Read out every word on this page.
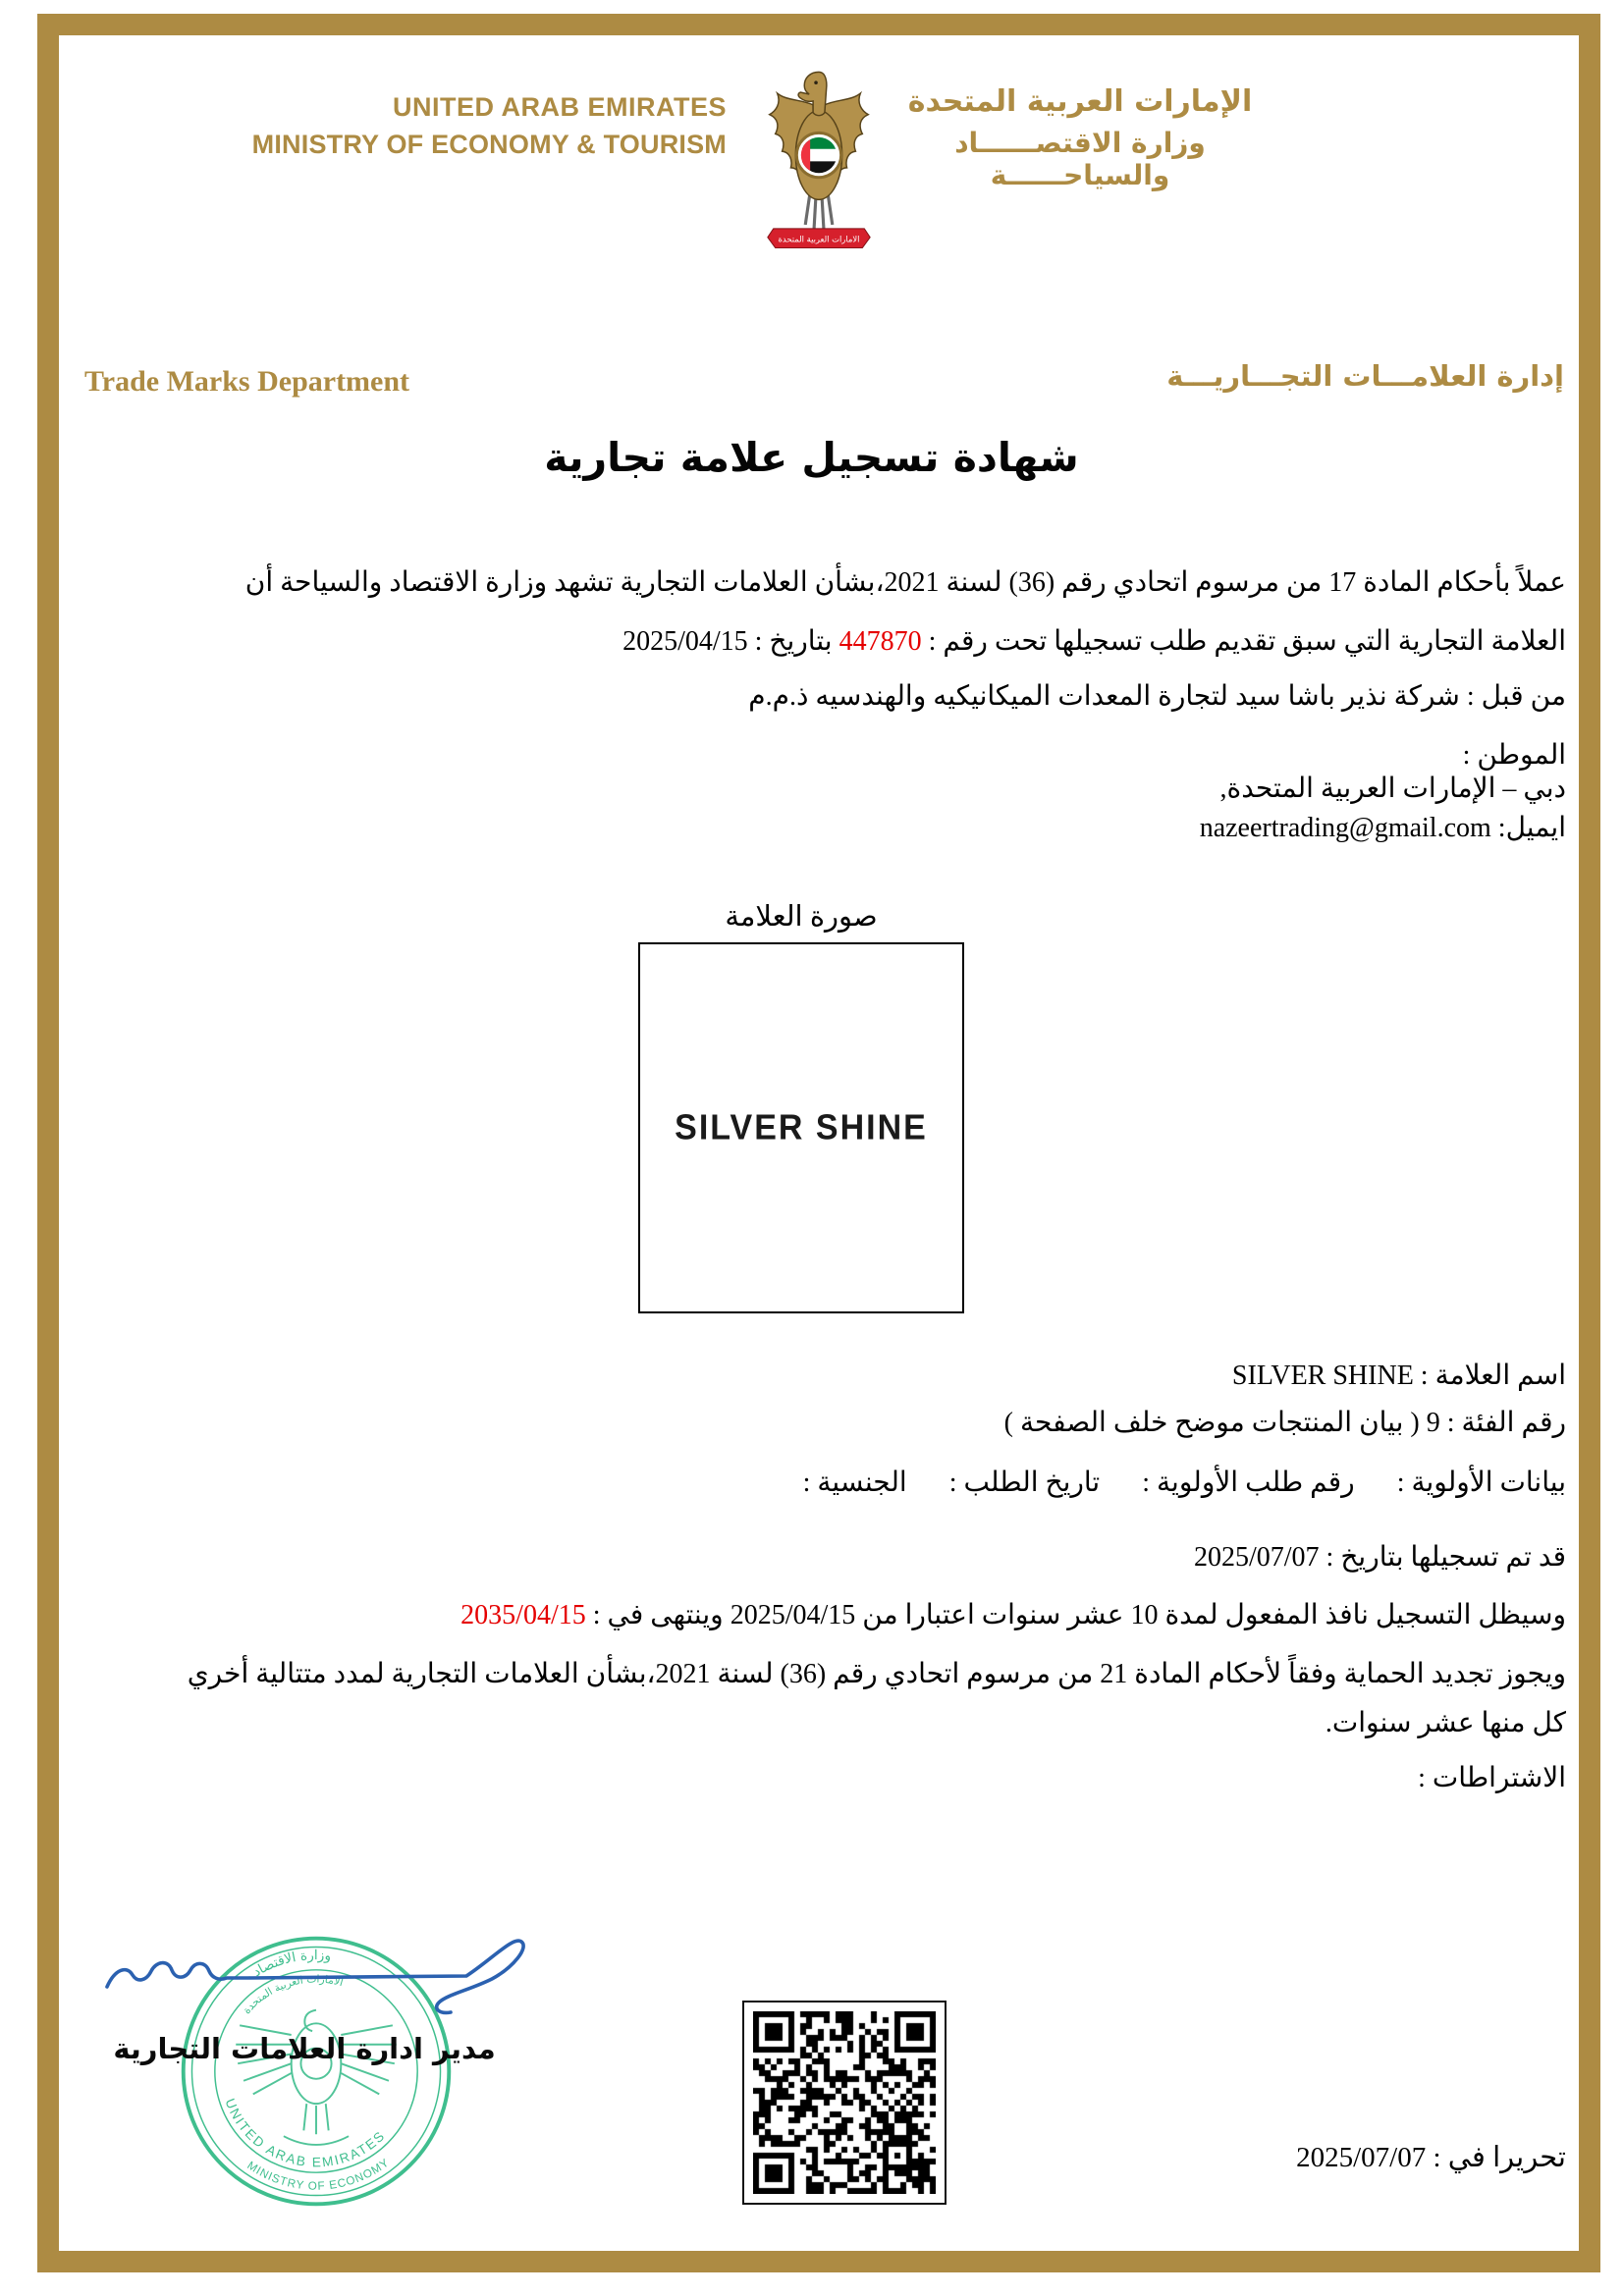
UNITED ARAB EMIRATES
MINISTRY OF ECONOMY & TOURISM
الامارات العربية المتحدة
الإمارات العربية المتحدة
وزارة الاقتصــــــاد والسياحــــــة
Trade Marks Department	إدارة العلامـــات التجـــاريـــة
شهادة تسجيل علامة تجارية
عملاً بأحكام المادة 17 من مرسوم اتحادي رقم (36) لسنة 2021،بشأن العلامات التجارية تشهد وزارة الاقتصاد والسياحة أن
العلامة التجارية التي سبق تقديم طلب تسجيلها تحت رقم : 447870 بتاريخ : 2025/04/15
من قبل : شركة نذير باشا سيد لتجارة المعدات الميكانيكيه والهندسيه ذ.م.م
الموطن :
دبي – الإمارات العربية المتحدة,
ايميل: nazeertrading@gmail.com
صورة العلامة
SILVER SHINE
اسم العلامة : SILVER SHINE
رقم الفئة : 9 ( بيان المنتجات موضح خلف الصفحة )
بيانات الأولوية : رقم طلب الأولوية : تاريخ الطلب : الجنسية :
قد تم تسجيلها بتاريخ : 2025/07/07
وسيظل التسجيل نافذ المفعول لمدة 10 عشر سنوات اعتبارا من 2025/04/15 وينتهى في : 2035/04/15
ويجوز تجديد الحماية وفقاً لأحكام المادة 21 من مرسوم اتحادي رقم (36) لسنة 2021،بشأن العلامات التجارية لمدد متتالية أخري
كل منها عشر سنوات.
الاشتراطات :
وزارة الاقتصاد
الامارات العربية المتحدة
UNITED ARAB EMIRATES
MINISTRY OF ECONOMY
مدير ادارة العلامات التجارية
تحريرا في : 2025/07/07
